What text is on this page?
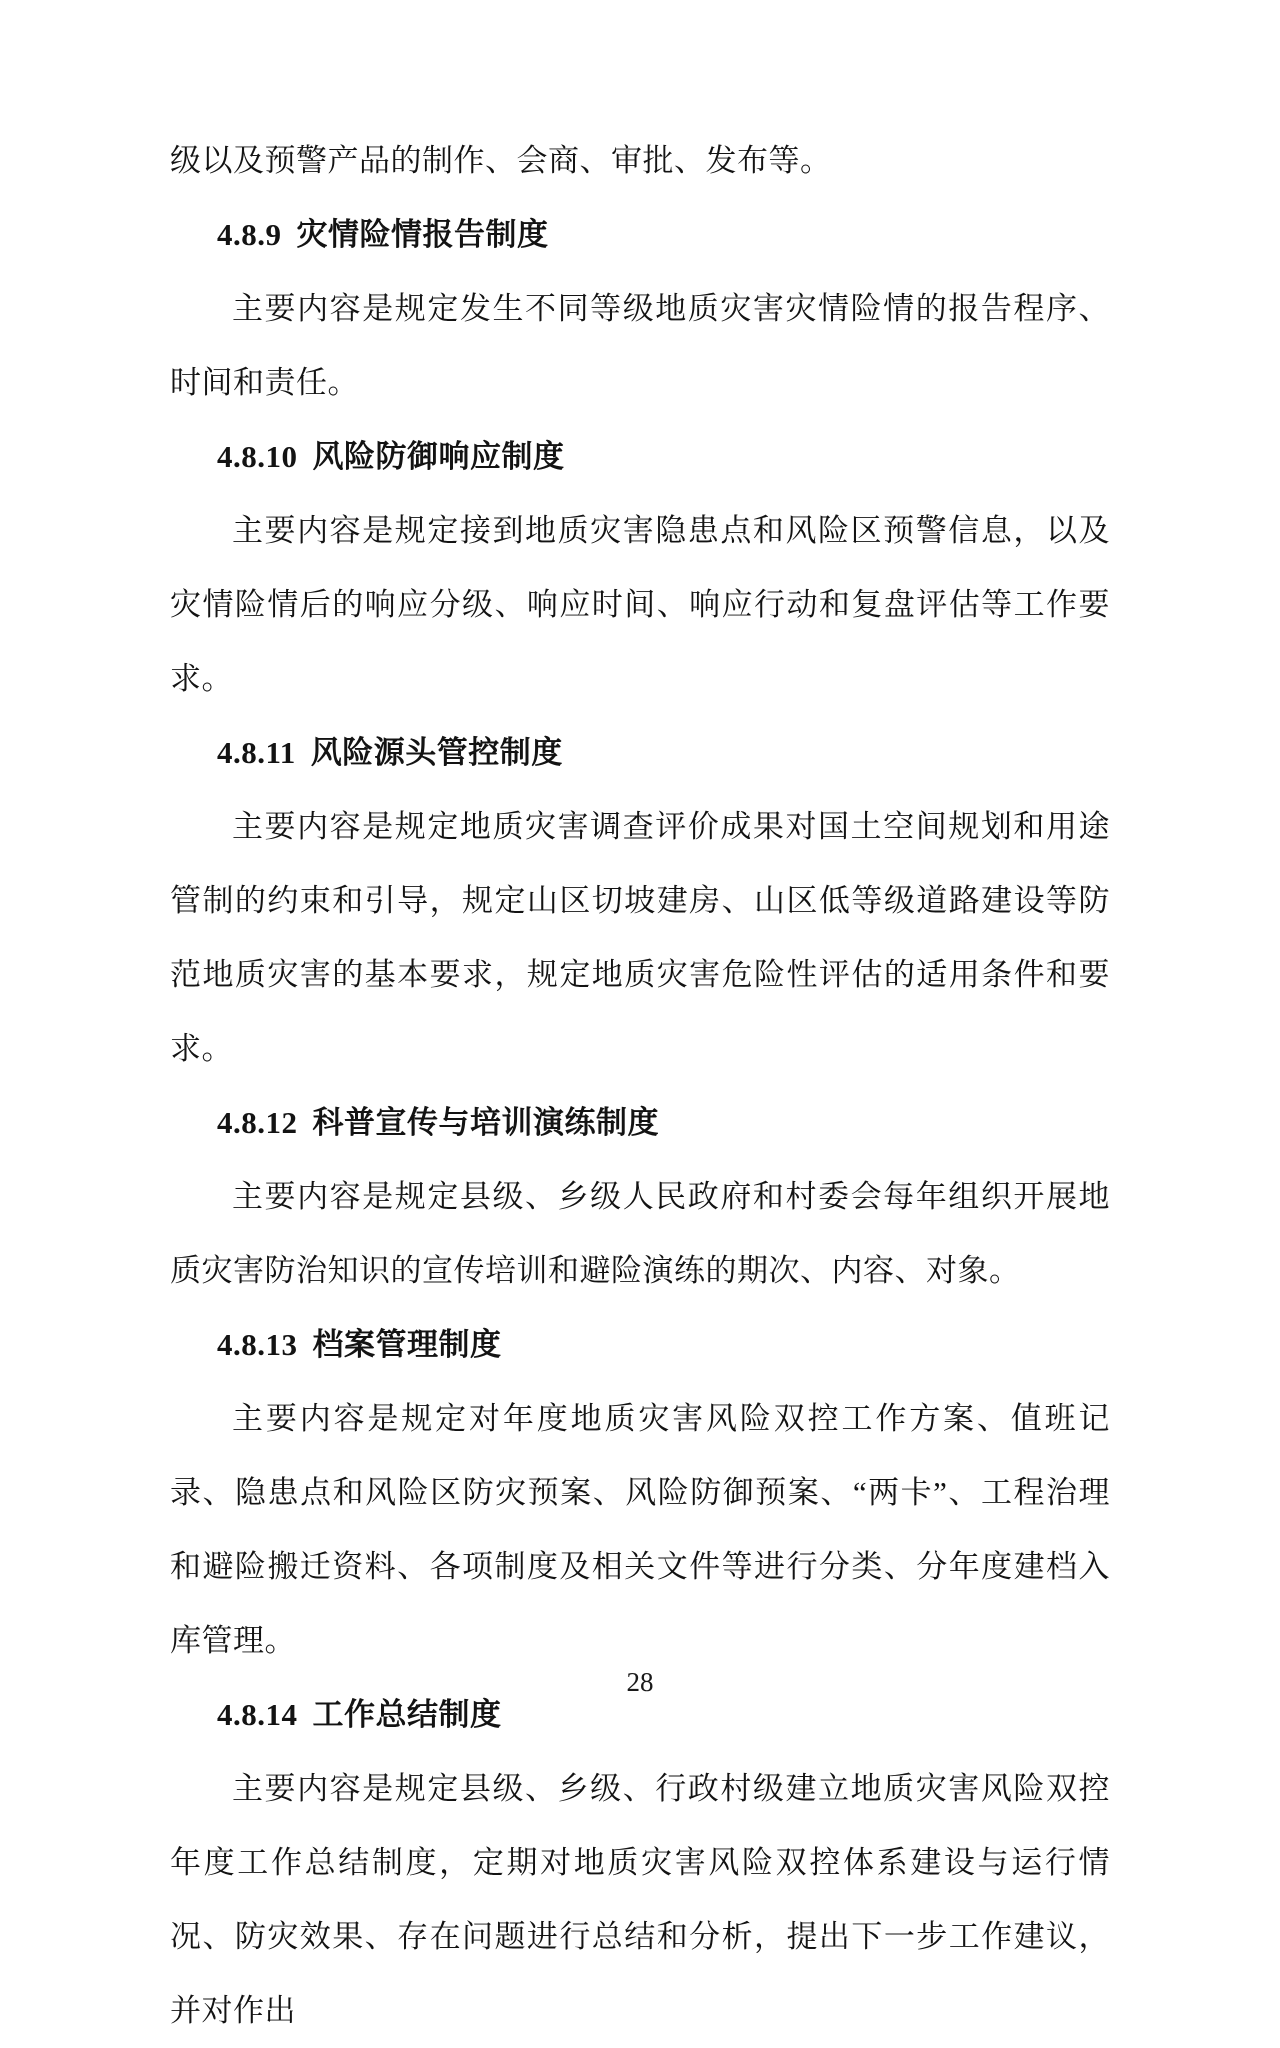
级以及预警产品的制作、会商、审批、发布等。
4.8.9 灾情险情报告制度
主要内容是规定发生不同等级地质灾害灾情险情的报告程序、时间和责任。
4.8.10 风险防御响应制度
主要内容是规定接到地质灾害隐患点和风险区预警信息，以及灾情险情后的响应分级、响应时间、响应行动和复盘评估等工作要求。
4.8.11 风险源头管控制度
主要内容是规定地质灾害调查评价成果对国土空间规划和用途管制的约束和引导，规定山区切坡建房、山区低等级道路建设等防范地质灾害的基本要求，规定地质灾害危险性评估的适用条件和要求。
4.8.12 科普宣传与培训演练制度
主要内容是规定县级、乡级人民政府和村委会每年组织开展地质灾害防治知识的宣传培训和避险演练的期次、内容、对象。
4.8.13 档案管理制度
主要内容是规定对年度地质灾害风险双控工作方案、值班记录、隐患点和风险区防灾预案、风险防御预案、“两卡”、工程治理和避险搬迁资料、各项制度及相关文件等进行分类、分年度建档入库管理。
4.8.14 工作总结制度
主要内容是规定县级、乡级、行政村级建立地质灾害风险双控年度工作总结制度，定期对地质灾害风险双控体系建设与运行情况、防灾效果、存在问题进行总结和分析，提出下一步工作建议，并对作出
28
